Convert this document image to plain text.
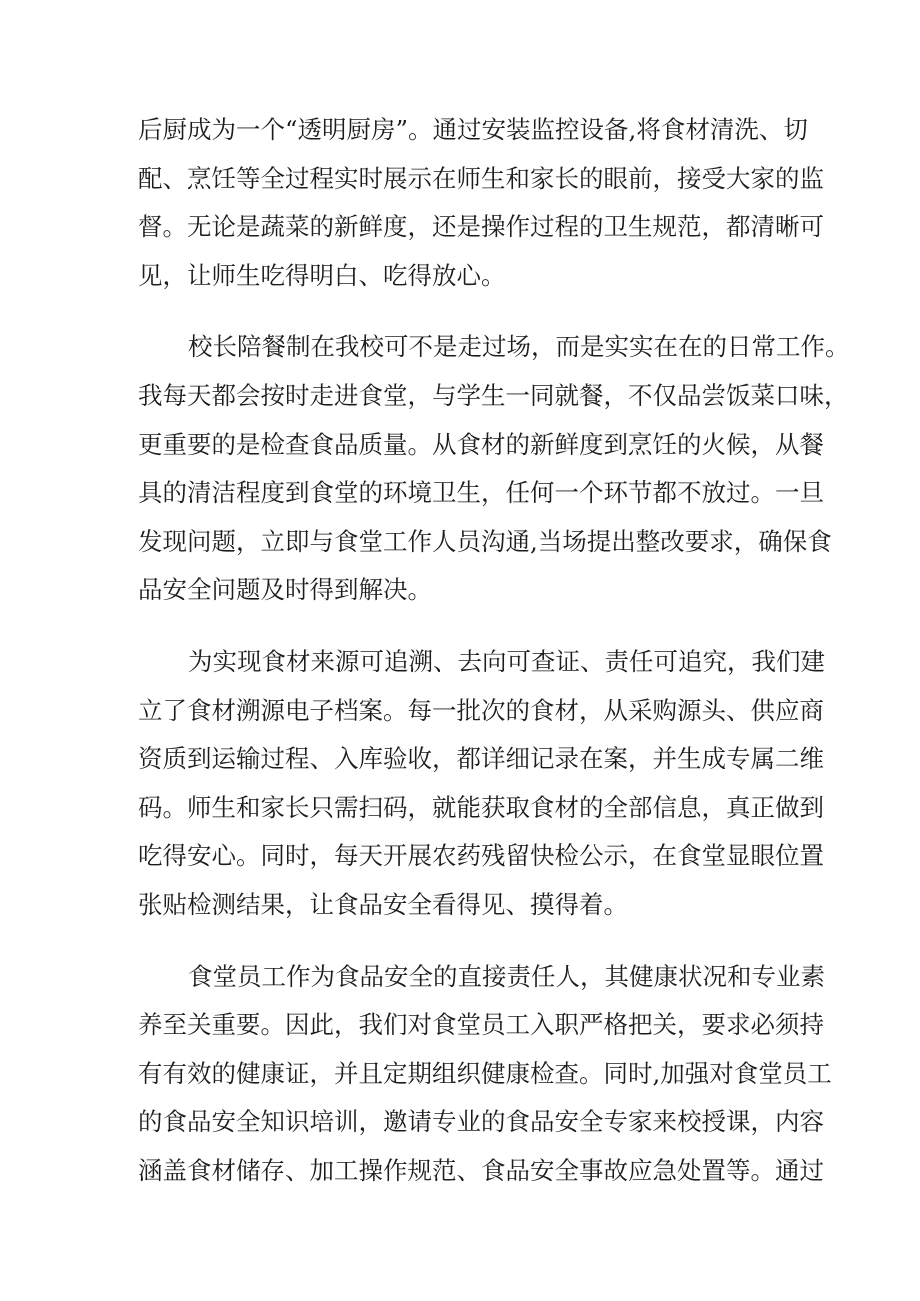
后厨成为一个“透明厨房”。通过安装监控设备,将食材清洗、切
配、烹饪等全过程实时展示在师生和家长的眼前，接受大家的监
督。无论是蔬菜的新鲜度，还是操作过程的卫生规范，都清晰可
见，让师生吃得明白、吃得放心。
校长陪餐制在我校可不是走过场，而是实实在在的日常工作。
我每天都会按时走进食堂，与学生一同就餐，不仅品尝饭菜口味，
更重要的是检查食品质量。从食材的新鲜度到烹饪的火候，从餐
具的清洁程度到食堂的环境卫生，任何一个环节都不放过。一旦
发现问题，立即与食堂工作人员沟通,当场提出整改要求，确保食
品安全问题及时得到解决。
为实现食材来源可追溯、去向可查证、责任可追究，我们建
立了食材溯源电子档案。每一批次的食材，从采购源头、供应商
资质到运输过程、入库验收，都详细记录在案，并生成专属二维
码。师生和家长只需扫码，就能获取食材的全部信息，真正做到
吃得安心。同时，每天开展农药残留快检公示，在食堂显眼位置
张贴检测结果，让食品安全看得见、摸得着。
食堂员工作为食品安全的直接责任人，其健康状况和专业素
养至关重要。因此，我们对食堂员工入职严格把关，要求必须持
有有效的健康证，并且定期组织健康检查。同时,加强对食堂员工
的食品安全知识培训，邀请专业的食品安全专家来校授课，内容
涵盖食材储存、加工操作规范、食品安全事故应急处置等。通过
